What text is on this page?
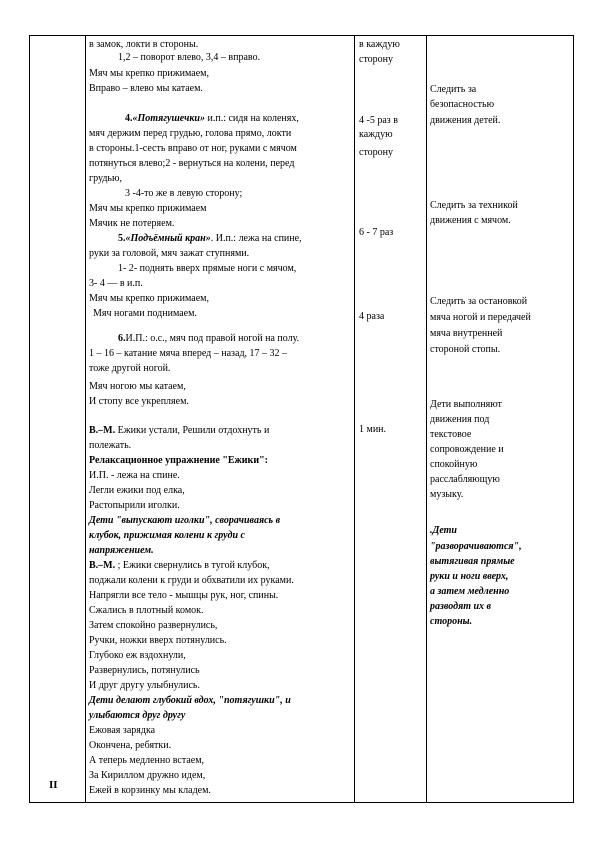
II
в замок, локти в стороны.
1,2 – поворот влево, 3,4 – вправо.
Мяч мы крепко прижимаем,
Вправо – влево мы катаем.
4.«Потягушечки» и.п.: сидя на коленях,
мяч держим перед грудью, голова прямо, локти
в стороны.1-сесть вправо от ног, руками с мячом
потянуться влево;2 - вернуться на колени, перед
грудью,
3 -4-то же в левую сторону;
Мяч мы крепко прижимаем
Мячик не потеряем.
5.«Подъёмный кран». И.п.: лежа на спине,
руки за головой, мяч зажат ступнями.
1- 2- поднять вверх прямые ноги с мячом,
3- 4 — в и.п.
Мяч мы крепко прижимаем,
Мяч ногами поднимаем.
6.И.П.: о.с., мяч под правой ногой на полу.
1 – 16 – катание мяча вперед – назад, 17 – 32 –
тоже другой ногой.
Мяч ногою мы катаем,
И стопу все укрепляем.
В.–М. Ежики устали, Решили отдохнуть и
полежать.
Релаксационное упражнение "Ежики":
И.П. - лежа на спине.
Легли ежики под елка,
Растопырили иголки.
Дети "выпускают иголки", сворачиваясь в
клубок, прижимая колени к груди с
напряжением.
В.–М. ; Ежики свернулись в тугой клубок,
поджали колени к груди и обхватили их руками.
Напрягли все тело - мышцы рук, ног, спины.
Сжались в плотный комок.
Затем спокойно развернулись,
Ручки, ножки вверх потянулись.
Глубоко еж вздохнули,
Развернулись, потянулись
И друг другу улыбнулись.
Дети делают глубокий вдох, "потягушки", и
улыбаются друг другу
Ежовая зарядка
Окончена, ребятки.
А теперь медленно встаем,
За Кириллом дружно идем,
Ежей в корзинку мы кладем.
в каждую
сторону
4 -5 раз в
каждую
сторону
6 - 7 раз
4 раза
1 мин.
Следить за
безопасностью
движения детей.
Следить за техникой
движения с мячом.
Следить за остановкой
мяча ногой и передачей
мяча внутренней
стороной стопы.
Дети выполняют
движения под
текстовое
сопровождение и
спокойную
расслабляющую
музыку.
.Дети
"разворачиваются",
вытягивая прямые
руки и ноги вверх,
а затем медленно
разводят их в
стороны.
